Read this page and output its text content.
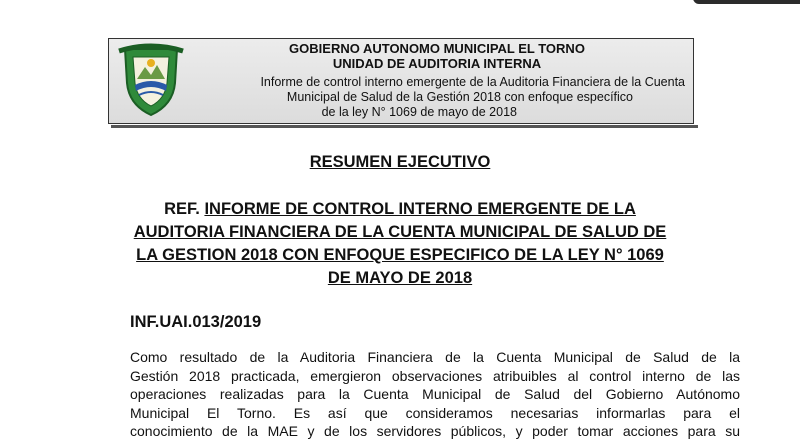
GOBIERNO AUTONOMO MUNICIPAL EL TORNO
UNIDAD DE AUDITORIA INTERNA
Informe de control interno emergente de la Auditoria Financiera de la Cuenta
Municipal de Salud de la Gestión 2018 con enfoque específico
de la ley N° 1069 de mayo de 2018
RESUMEN EJECUTIVO
REF. INFORME DE CONTROL INTERNO EMERGENTE DE LA
AUDITORIA FINANCIERA DE LA CUENTA MUNICIPAL DE SALUD DE
LA GESTION 2018 CON ENFOQUE ESPECIFICO DE LA LEY N° 1069
DE MAYO DE 2018
INF.UAI.013/2019
Como resultado de la Auditoria Financiera de la Cuenta Municipal de Salud de la
Gestión 2018 practicada, emergieron observaciones atribuibles al control interno de las
operaciones realizadas para la Cuenta Municipal de Salud del Gobierno Autónomo
Municipal El Torno. Es así que consideramos necesarias informarlas para el
conocimiento de la MAE y de los servidores públicos, y poder tomar acciones para su
